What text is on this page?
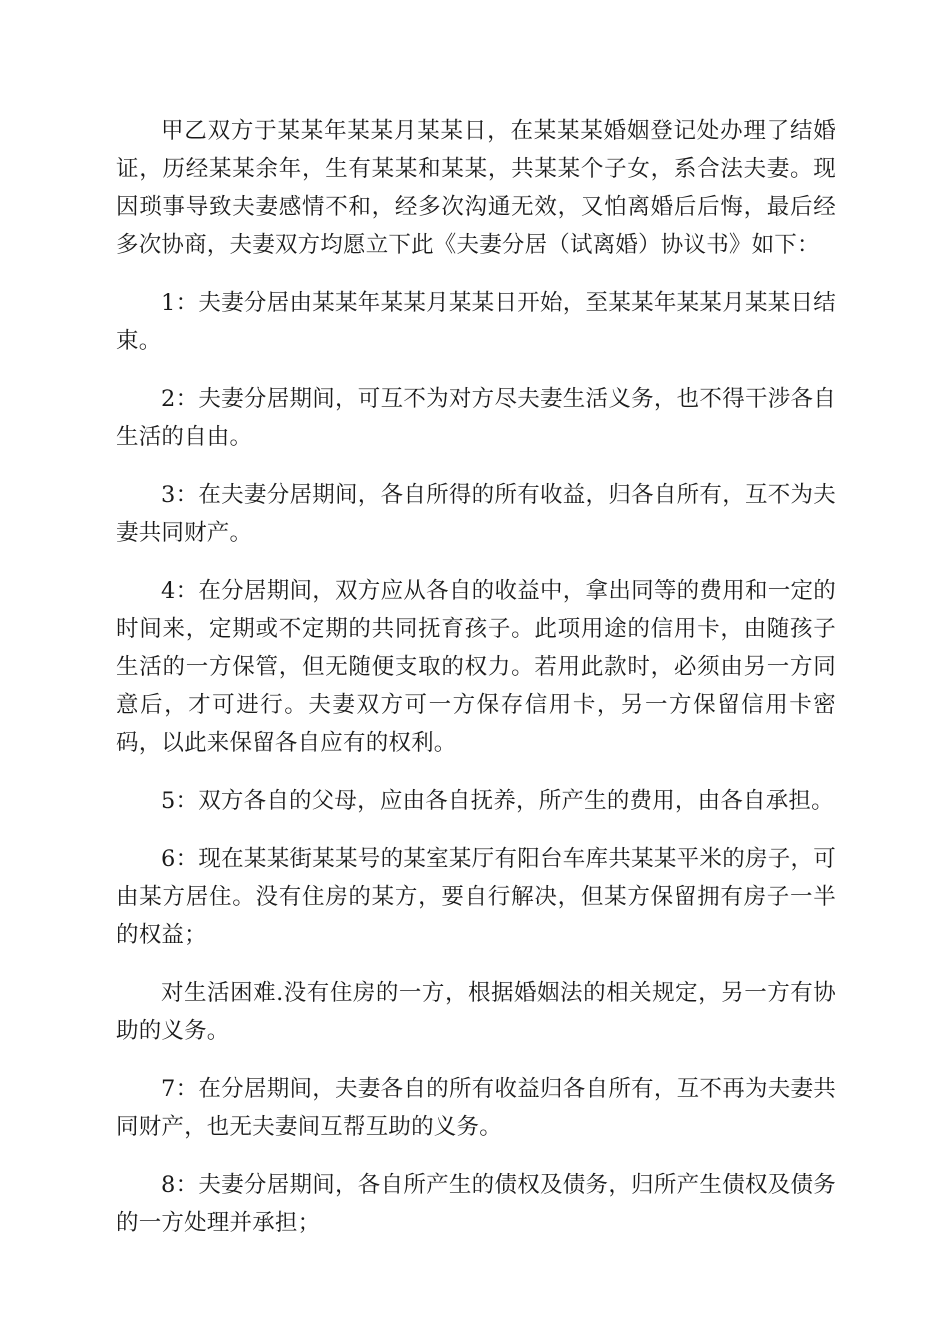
甲乙双方于某某年某某月某某日，在某某某婚姻登记处办理了结婚证，历经某某余年，生有某某和某某，共某某个子女，系合法夫妻。现因琐事导致夫妻感情不和，经多次沟通无效，又怕离婚后后悔，最后经多次协商，夫妻双方均愿立下此《夫妻分居（试离婚）协议书》如下：

1：夫妻分居由某某年某某月某某日开始，至某某年某某月某某日结束。

2：夫妻分居期间，可互不为对方尽夫妻生活义务，也不得干涉各自生活的自由。

3：在夫妻分居期间，各自所得的所有收益，归各自所有，互不为夫妻共同财产。

4：在分居期间，双方应从各自的收益中，拿出同等的费用和一定的时间来，定期或不定期的共同抚育孩子。此项用途的信用卡，由随孩子生活的一方保管，但无随便支取的权力。若用此款时，必须由另一方同意后，才可进行。夫妻双方可一方保存信用卡，另一方保留信用卡密码，以此来保留各自应有的权利。

5：双方各自的父母，应由各自抚养，所产生的费用，由各自承担。

6：现在某某街某某号的某室某厅有阳台车库共某某平米的房子，可由某方居住。没有住房的某方，要自行解决，但某方保留拥有房子一半的权益；

对生活困难.没有住房的一方，根据婚姻法的相关规定，另一方有协助的义务。

7：在分居期间，夫妻各自的所有收益归各自所有，互不再为夫妻共同财产，也无夫妻间互帮互助的义务。

8：夫妻分居期间，各自所产生的债权及债务，归所产生债权及债务的一方处理并承担；
